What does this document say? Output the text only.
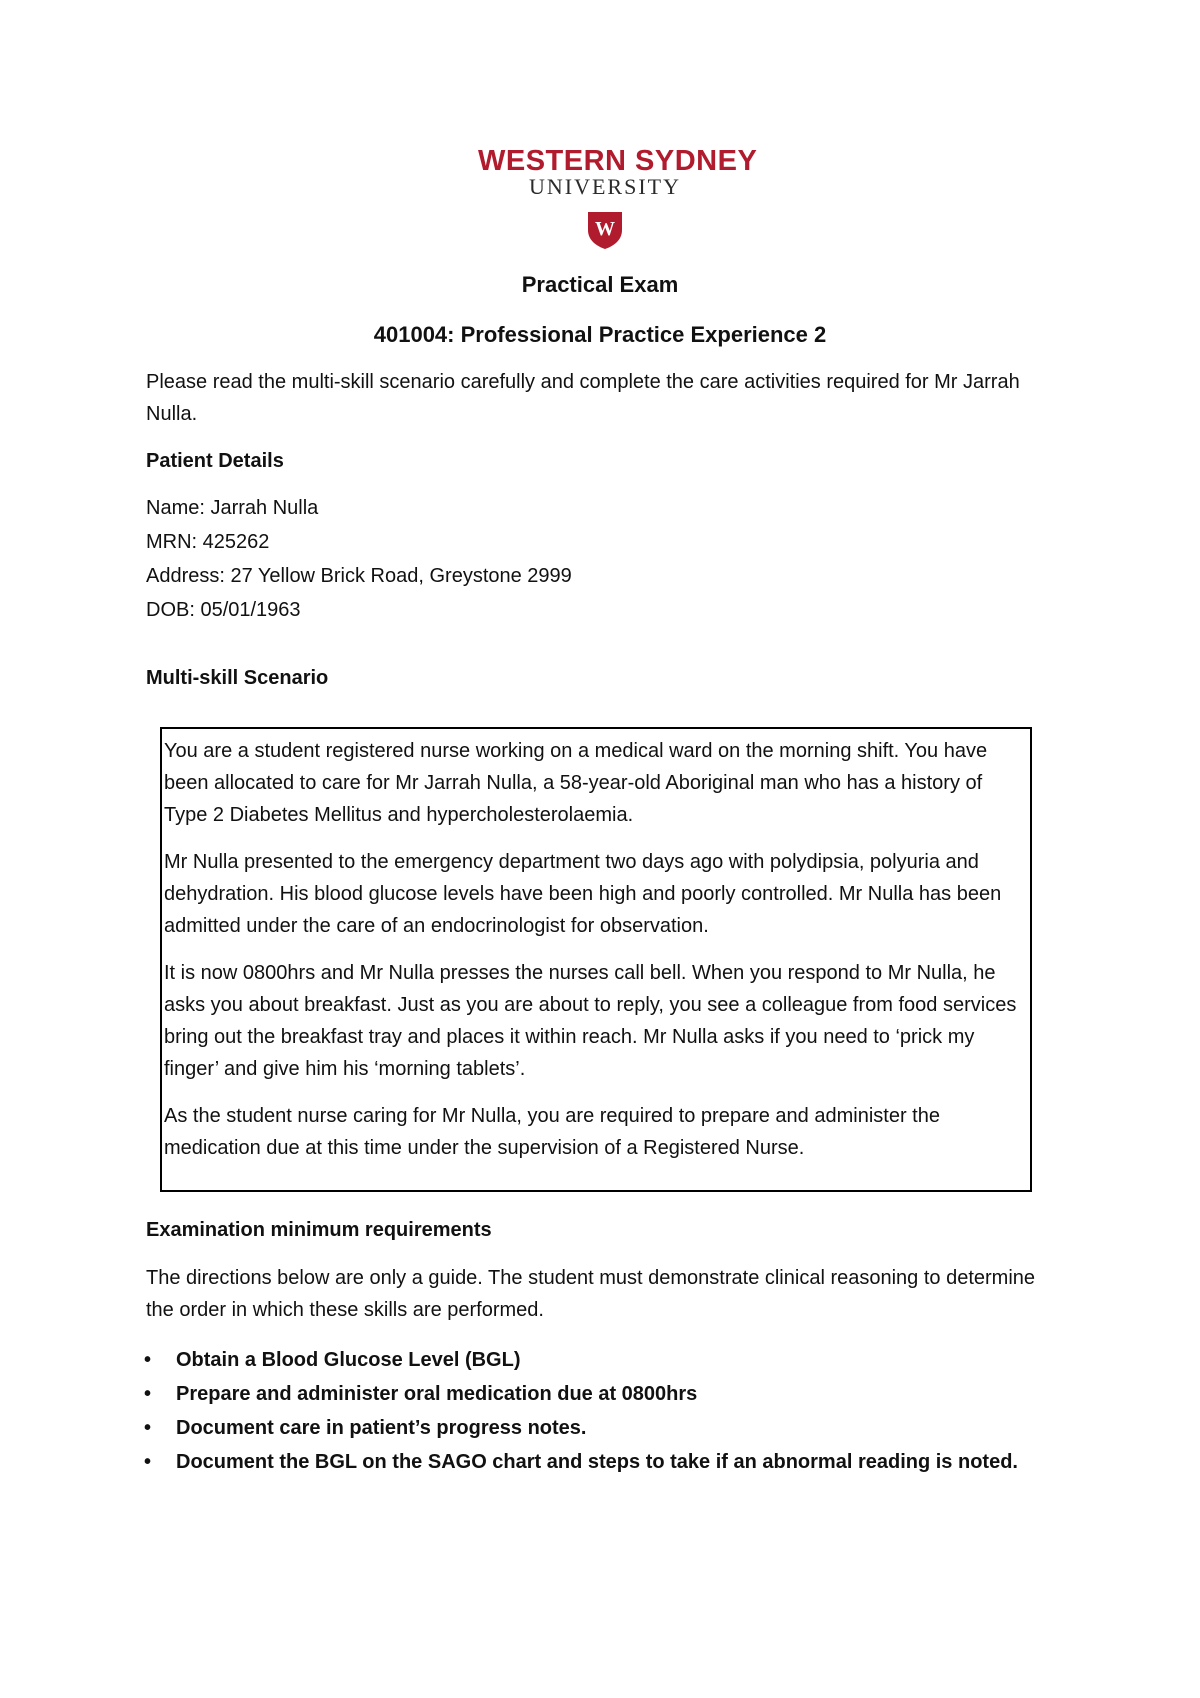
WESTERN SYDNEY
UNIVERSITY
W
Practical Exam
401004: Professional Practice Experience 2
Please read the multi-skill scenario carefully and complete the care activities required for Mr Jarrah Nulla.
Patient Details
Name: Jarrah Nulla
MRN: 425262
Address: 27 Yellow Brick Road, Greystone 2999
DOB: 05/01/1963
Multi-skill Scenario

You are a student registered nurse working on a medical ward on the morning shift. You have been allocated to care for Mr Jarrah Nulla, a 58-year-old Aboriginal man who has a history of Type 2 Diabetes Mellitus and hypercholesterolaemia.

Mr Nulla presented to the emergency department two days ago with polydipsia, polyuria and dehydration. His blood glucose levels have been high and poorly controlled. Mr Nulla has been admitted under the care of an endocrinologist for observation.

It is now 0800hrs and Mr Nulla presses the nurses call bell. When you respond to Mr Nulla, he asks you about breakfast. Just as you are about to reply, you see a colleague from food services bring out the breakfast tray and places it within reach. Mr Nulla asks if you need to ‘prick my finger’ and give him his ‘morning tablets’.

As the student nurse caring for Mr Nulla, you are required to prepare and administer the medication due at this time under the supervision of a Registered Nurse.

Examination minimum requirements
The directions below are only a guide. The student must demonstrate clinical reasoning to determine the order in which these skills are performed.
• Obtain a Blood Glucose Level (BGL)
• Prepare and administer oral medication due at 0800hrs
• Document care in patient’s progress notes.
• Document the BGL on the SAGO chart and steps to take if an abnormal reading is noted.
